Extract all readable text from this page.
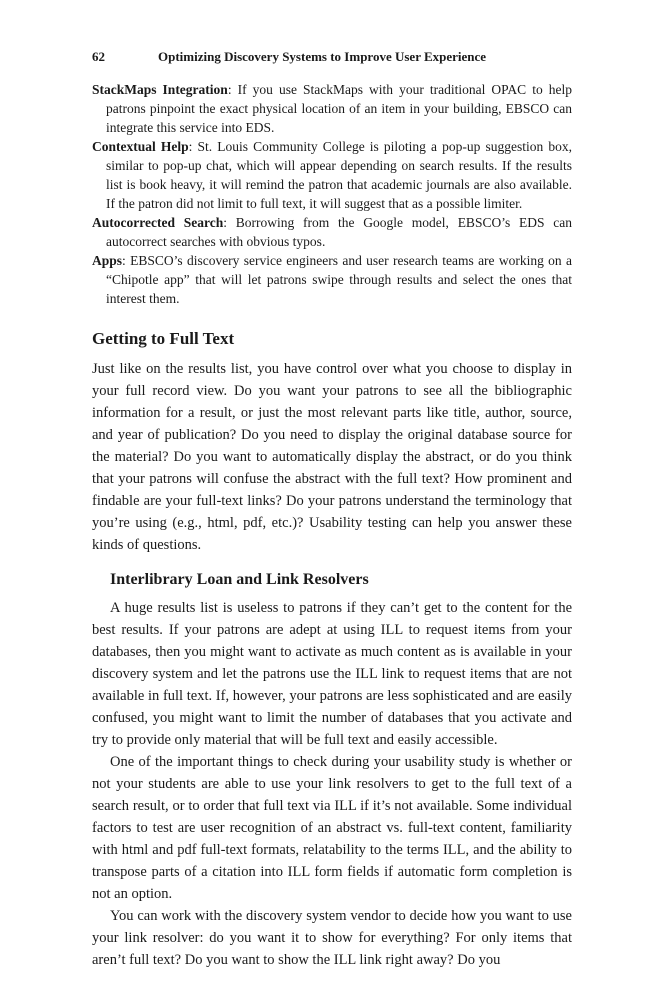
62	Optimizing Discovery Systems to Improve User Experience

StackMaps Integration: If you use StackMaps with your traditional OPAC to help patrons pinpoint the exact physical location of an item in your building, EBSCO can integrate this service into EDS.

Contextual Help: St. Louis Community College is piloting a pop-up suggestion box, similar to pop-up chat, which will appear depending on search results. If the results list is book heavy, it will remind the patron that academic journals are also available. If the patron did not limit to full text, it will suggest that as a possible limiter.

Autocorrected Search: Borrowing from the Google model, EBSCO’s EDS can autocorrect searches with obvious typos.

Apps: EBSCO’s discovery service engineers and user research teams are working on a “Chipotle app” that will let patrons swipe through results and select the ones that interest them.

Getting to Full Text

Just like on the results list, you have control over what you choose to display in your full record view. Do you want your patrons to see all the bibliographic information for a result, or just the most relevant parts like title, author, source, and year of publication? Do you need to display the original database source for the material? Do you want to automatically display the abstract, or do you think that your patrons will confuse the abstract with the full text? How prominent and findable are your full-text links? Do your patrons understand the terminology that you’re using (e.g., html, pdf, etc.)? Usability testing can help you answer these kinds of questions.

Interlibrary Loan and Link Resolvers

A huge results list is useless to patrons if they can’t get to the content for the best results. If your patrons are adept at using ILL to request items from your databases, then you might want to activate as much content as is available in your discovery system and let the patrons use the ILL link to request items that are not available in full text. If, however, your patrons are less sophisticated and are easily confused, you might want to limit the number of databases that you activate and try to provide only material that will be full text and easily accessible.

One of the important things to check during your usability study is whether or not your students are able to use your link resolvers to get to the full text of a search result, or to order that full text via ILL if it’s not available. Some individual factors to test are user recognition of an abstract vs. full-text content, familiarity with html and pdf full-text formats, relatability to the terms ILL, and the ability to transpose parts of a citation into ILL form fields if automatic form completion is not an option.

You can work with the discovery system vendor to decide how you want to use your link resolver: do you want it to show for everything? For only items that aren’t full text? Do you want to show the ILL link right away? Do you
